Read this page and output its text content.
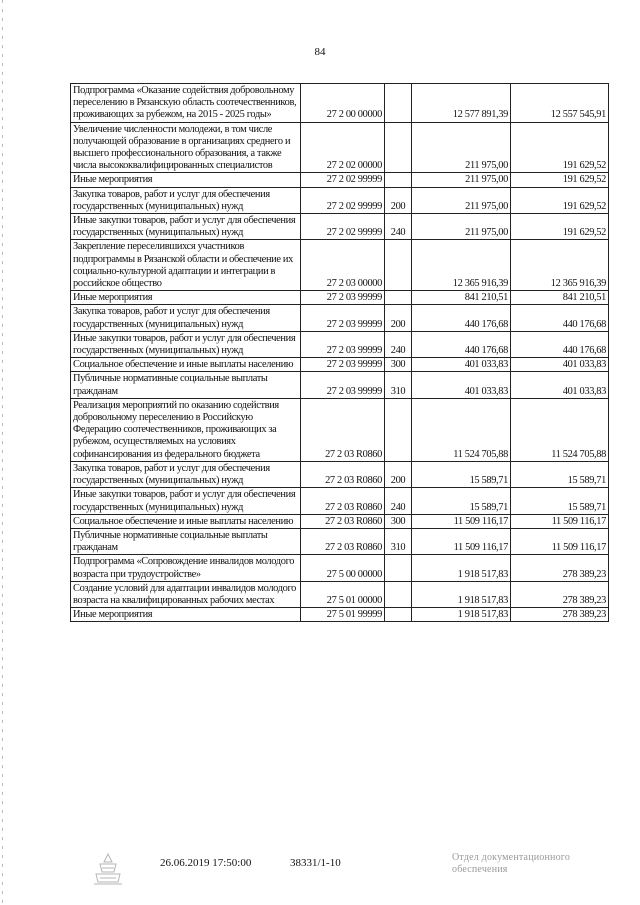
84
Подпрограмма «Оказание содействия добровольному переселению в Рязанскую область соотечественников, проживающих за рубежом, на 2015 - 2025 годы»	27 2 00 00000		12 577 891,39	12 557 545,91
Увеличение численности молодежи, в том числе получающей образование в организациях среднего и высшего профессионального образования, а также числа высококвалифицированных специалистов	27 2 02 00000		211 975,00	191 629,52
Иные мероприятия	27 2 02 99999		211 975,00	191 629,52
Закупка товаров, работ и услуг для обеспечения государственных (муниципальных) нужд	27 2 02 99999	200	211 975,00	191 629,52
Иные закупки товаров, работ и услуг для обеспечения государственных (муниципальных) нужд	27 2 02 99999	240	211 975,00	191 629,52
Закрепление переселившихся участников подпрограммы в Рязанской области и обеспечение их социально-культурной адаптации и интеграции в российское общество	27 2 03 00000		12 365 916,39	12 365 916,39
Иные мероприятия	27 2 03 99999		841 210,51	841 210,51
Закупка товаров, работ и услуг для обеспечения государственных (муниципальных) нужд	27 2 03 99999	200	440 176,68	440 176,68
Иные закупки товаров, работ и услуг для обеспечения государственных (муниципальных) нужд	27 2 03 99999	240	440 176,68	440 176,68
Социальное обеспечение и иные выплаты населению	27 2 03 99999	300	401 033,83	401 033,83
Публичные нормативные социальные выплаты гражданам	27 2 03 99999	310	401 033,83	401 033,83
Реализация мероприятий по оказанию содействия добровольному переселению в Российскую Федерацию соотечественников, проживающих за рубежом, осуществляемых на условиях софинансирования из федерального бюджета	27 2 03 R0860		11 524 705,88	11 524 705,88
Закупка товаров, работ и услуг для обеспечения государственных (муниципальных) нужд	27 2 03 R0860	200	15 589,71	15 589,71
Иные закупки товаров, работ и услуг для обеспечения государственных (муниципальных) нужд	27 2 03 R0860	240	15 589,71	15 589,71
Социальное обеспечение и иные выплаты населению	27 2 03 R0860	300	11 509 116,17	11 509 116,17
Публичные нормативные социальные выплаты гражданам	27 2 03 R0860	310	11 509 116,17	11 509 116,17
Подпрограмма «Сопровождение инвалидов молодого возраста при трудоустройстве»	27 5 00 00000		1 918 517,83	278 389,23
Создание условий для адаптации инвалидов молодого возраста на квалифицированных рабочих местах	27 5 01 00000		1 918 517,83	278 389,23
Иные мероприятия	27 5 01 99999		1 918 517,83	278 389,23
26.06.2019 17:50:00	38331/1-10	Отдел документационного
обеспечения
